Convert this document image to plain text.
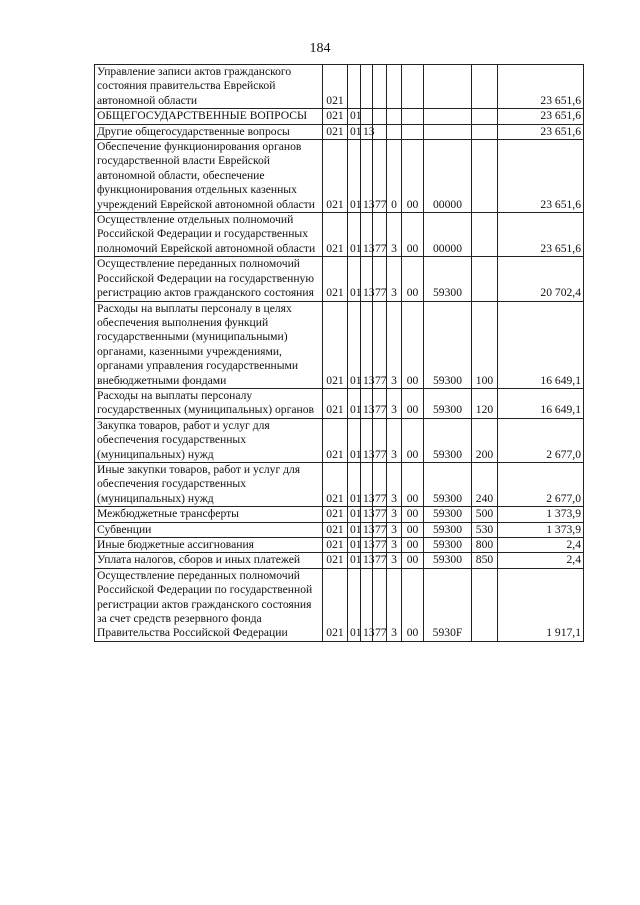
184
Управление записи актов гражданского состояния правительства Еврейской автономной области	021								23 651,6
ОБЩЕГОСУДАРСТВЕННЫЕ ВОПРОСЫ	021	01							23 651,6
Другие общегосударственные вопросы	021	01	13						23 651,6
Обеспечение функционирования органов государственной власти Еврейской автономной области, обеспечение функционирования отдельных казенных учреждений Еврейской автономной области	021	01	13	77	0	00	00000		23 651,6
Осуществление отдельных полномочий Российской Федерации и государственных полномочий Еврейской автономной области	021	01	13	77	3	00	00000		23 651,6
Осуществление переданных полномочий Российской Федерации на государственную регистрацию актов гражданского состояния	021	01	13	77	3	00	59300		20 702,4
Расходы на выплаты персоналу в целях обеспечения выполнения функций государственными (муниципальными) органами, казенными учреждениями, органами управления государственными внебюджетными фондами	021	01	13	77	3	00	59300	100	16 649,1
Расходы на выплаты персоналу государственных (муниципальных) органов	021	01	13	77	3	00	59300	120	16 649,1
Закупка товаров, работ и услуг для обеспечения государственных (муниципальных) нужд	021	01	13	77	3	00	59300	200	2 677,0
Иные закупки товаров, работ и услуг для обеспечения государственных (муниципальных) нужд	021	01	13	77	3	00	59300	240	2 677,0
Межбюджетные трансферты	021	01	13	77	3	00	59300	500	1 373,9
Субвенции	021	01	13	77	3	00	59300	530	1 373,9
Иные бюджетные ассигнования	021	01	13	77	3	00	59300	800	2,4
Уплата налогов, сборов и иных платежей	021	01	13	77	3	00	59300	850	2,4
Осуществление переданных полномочий Российской Федерации по государственной регистрации актов гражданского состояния за счет средств резервного фонда Правительства Российской Федерации	021	01	13	77	3	00	5930F		1 917,1
